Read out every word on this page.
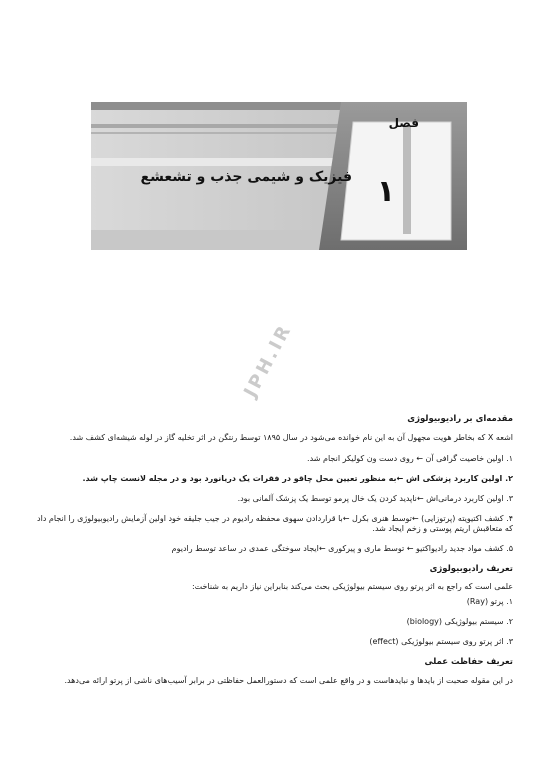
فصل
۱
فیزیک و شیمی جذب و تشعشع
JPH.IR
مقدمه‌ای بر رادیوبیولوژی
اشعه X که بخاطر هویت مجهول آن به این نام خوانده می‌شود در سال ۱۸۹۵ توسط رنتگن در اثر تخلیه گاز در لوله شیشه‌ای کشف شد.
۱. اولین خاصیت گرافی آن ← روی دست ون کولیکر انجام شد.
۲. اولین کاربرد پزشکی اش ←به منظور تعیین محل چاقو در فقرات یک دریانورد بود و در مجله لانست چاپ شد.
۳. اولین کاربرد درمانی‌اش ←ناپدید کردن یک خال پرمو توسط یک پزشک آلمانی بود.
۴. کشف اکتیویته (پرتوزایی) ←توسط هنری بکرل ←با قراردادن سهوی محفظه رادیوم در جیب جلیقه خود اولین آزمایش رادیوبیولوژی را انجام داد که متعاقبش اریتم پوستی و زخم ایجاد شد.
۵. کشف مواد جدید رادیواکتیو ← توسط ماری و پیرکوری ←ایجاد سوختگی عمدی در ساعد توسط رادیوم
تعریف رادیوبیولوژی
علمی است که راجع به اثر پرتو روی سیستم بیولوژیکی بحث می‌کند بنابراین نیاز داریم به شناخت:
۱. پرتو (Ray)
۲. سیستم بیولوژیکی (biology)
۳. اثر پرتو روی سیستم بیولوژیکی (effect)
تعریف حفاظت عملی
در این مقوله صحبت از بایدها و نبایدهاست و در واقع علمی است که دستورالعمل حفاظتی در برابر آسیب‌های ناشی از پرتو ارائه می‌دهد.
